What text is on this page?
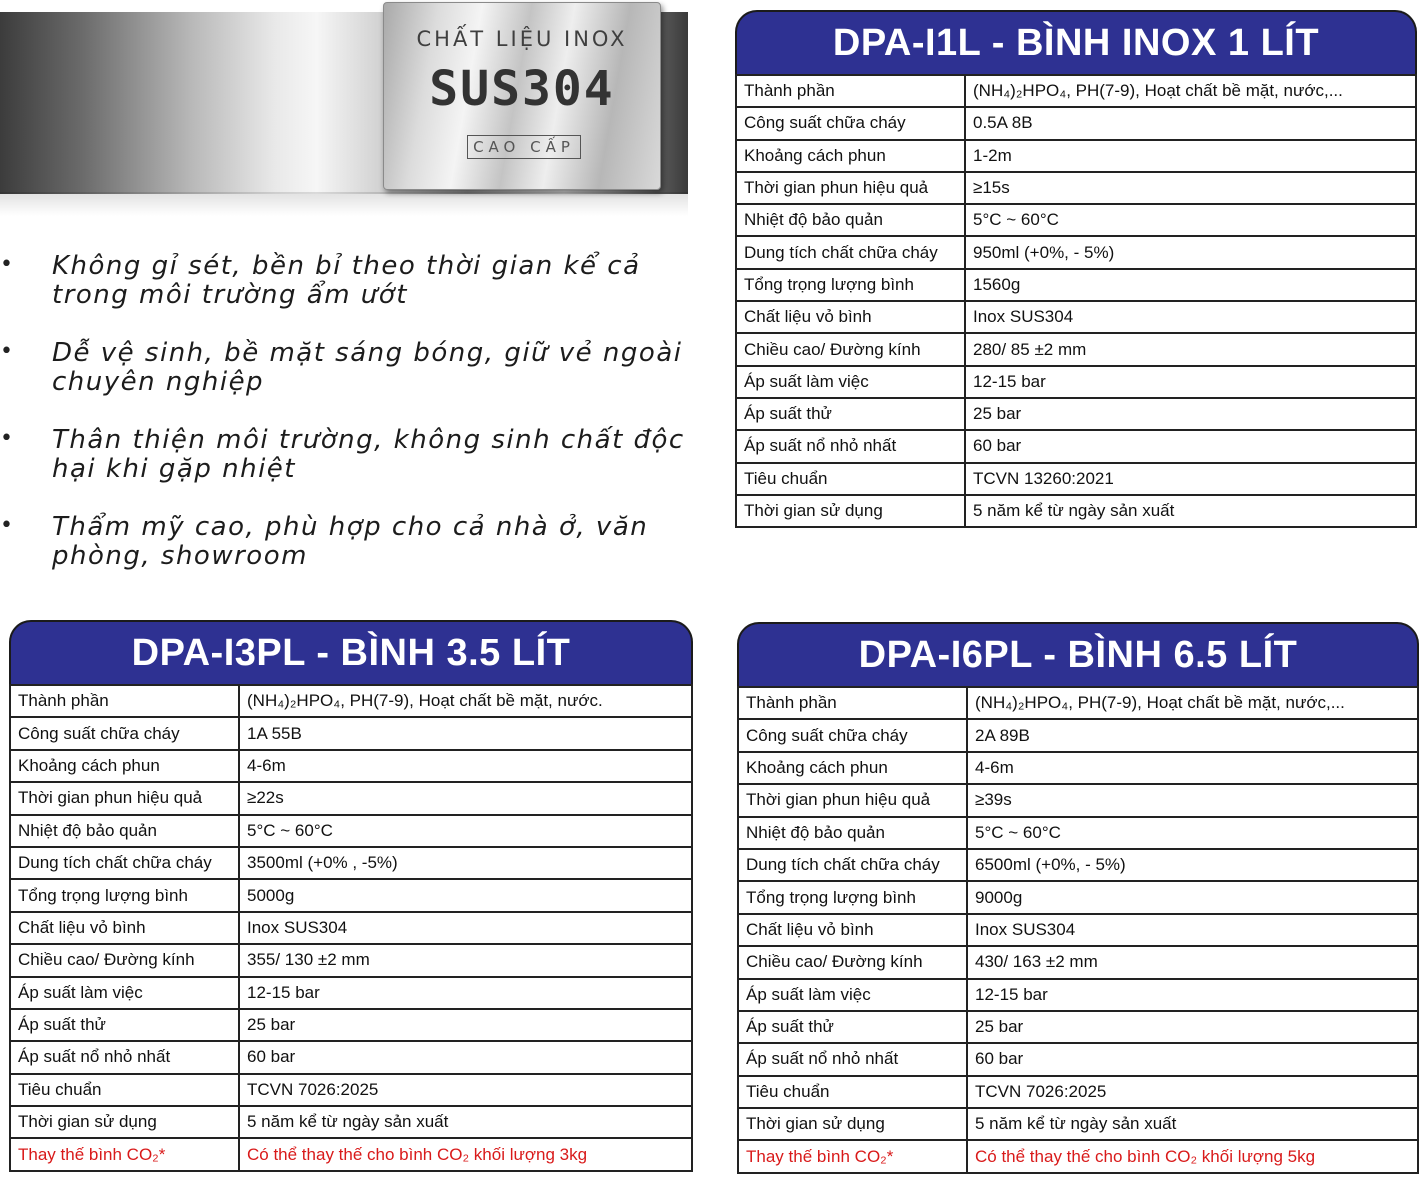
CHẤT LIỆU INOX
SUS304
CAO CẤP
• Không gỉ sét, bền bỉ theo thời gian kể cả trong môi trường ẩm ướt
• Dễ vệ sinh, bề mặt sáng bóng, giữ vẻ ngoài chuyên nghiệp
• Thân thiện môi trường, không sinh chất độc hại khi gặp nhiệt
• Thẩm mỹ cao, phù hợp cho cả nhà ở, văn phòng, showroom
DPA-I1L - BÌNH INOX 1 LÍT
Thành phần	(NH₄)₂HPO₄, PH(7-9), Hoạt chất bề mặt, nước,...
Công suất chữa cháy	0.5A 8B
Khoảng cách phun	1-2m
Thời gian phun hiệu quả	≥15s
Nhiệt độ bảo quản	5°C ~ 60°C
Dung tích chất chữa cháy	950ml (+0%, - 5%)
Tổng trọng lượng bình	1560g
Chất liệu vỏ bình	Inox SUS304
Chiều cao/ Đường kính	280/ 85 ±2 mm
Áp suất làm việc	12-15 bar
Áp suất thử	25 bar
Áp suất nổ nhỏ nhất	60 bar
Tiêu chuẩn	TCVN 13260:2021
Thời gian sử dụng	5 năm kể từ ngày sản xuất
DPA-I3PL - BÌNH 3.5 LÍT
Thành phần	(NH₄)₂HPO₄, PH(7-9), Hoạt chất bề mặt, nước.
Công suất chữa cháy	1A 55B
Khoảng cách phun	4-6m
Thời gian phun hiệu quả	≥22s
Nhiệt độ bảo quản	5°C ~ 60°C
Dung tích chất chữa cháy	3500ml (+0% , -5%)
Tổng trọng lượng bình	5000g
Chất liệu vỏ bình	Inox SUS304
Chiều cao/ Đường kính	355/ 130 ±2 mm
Áp suất làm việc	12-15 bar
Áp suất thử	25 bar
Áp suất nổ nhỏ nhất	60 bar
Tiêu chuẩn	TCVN 7026:2025
Thời gian sử dụng	5 năm kể từ ngày sản xuất
Thay thế bình CO₂*	Có thể thay thế cho bình CO₂ khối lượng 3kg
DPA-I6PL - BÌNH 6.5 LÍT
Thành phần	(NH₄)₂HPO₄, PH(7-9), Hoạt chất bề mặt, nước,...
Công suất chữa cháy	2A 89B
Khoảng cách phun	4-6m
Thời gian phun hiệu quả	≥39s
Nhiệt độ bảo quản	5°C ~ 60°C
Dung tích chất chữa cháy	6500ml (+0%, - 5%)
Tổng trọng lượng bình	9000g
Chất liệu vỏ bình	Inox SUS304
Chiều cao/ Đường kính	430/ 163 ±2 mm
Áp suất làm việc	12-15 bar
Áp suất thử	25 bar
Áp suất nổ nhỏ nhất	60 bar
Tiêu chuẩn	TCVN 7026:2025
Thời gian sử dụng	5 năm kể từ ngày sản xuất
Thay thế bình CO₂*	Có thể thay thế cho bình CO₂ khối lượng 5kg
